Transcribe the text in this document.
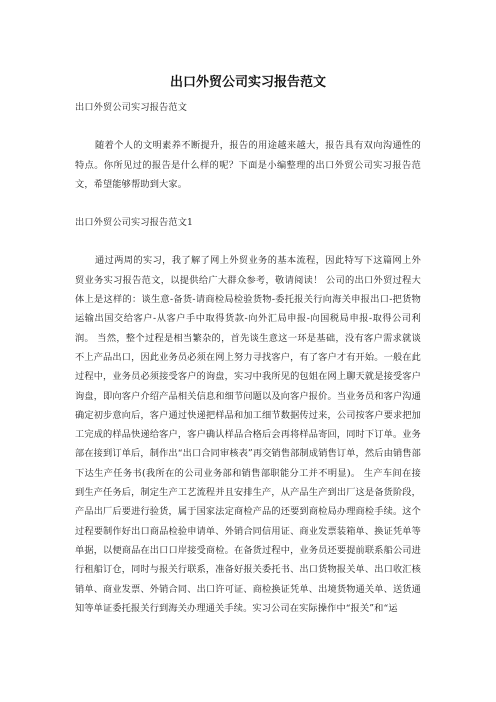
出口外贸公司实习报告范文

出口外贸公司实习报告范文

随着个人的文明素养不断提升，报告的用途越来越大，报告具有双向沟通性的特点。你所见过的报告是什么样的呢？下面是小编整理的出口外贸公司实习报告范文，希望能够帮助到大家。

出口外贸公司实习报告范文1

通过两周的实习，我了解了网上外贸业务的基本流程，因此特写下这篇网上外贸业务实习报告范文，以提供给广大群众参考，敬请阅读！ 公司的出口外贸过程大体上是这样的：谈生意-备货-请商检局检验货物-委托报关行向海关申报出口-把货物运输出国交给客户-从客户手中取得货款-向外汇局申报-向国税局申报-取得公司利润。 当然，整个过程是相当繁杂的，首先谈生意这一环是基础，没有客户需求就谈不上产品出口，因此业务员必须在网上努力寻找客户，有了客户才有开始。一般在此过程中，业务员必须接受客户的询盘，实习中我所见的包姐在网上聊天就是接受客户询盘，即向客户介绍产品相关信息和细节问题以及向客户报价。当业务员和客户沟通确定初步意向后，客户通过快递把样品和加工细节数据传过来，公司按客户要求把加工完成的样品快递给客户，客户确认样品合格后会再将样品寄回，同时下订单。业务部在接到订单后，制作出“出口合同审核表”再交销售部制成销售订单，然后由销售部下达生产任务书(我所在的公司业务部和销售部职能分工并不明显)。 生产车间在接到生产任务后，制定生产工艺流程并且安排生产，从产品生产到出厂这是备货阶段，产品出厂后要进行验货，属于国家法定商检产品的还要到商检局办理商检手续。这个过程要制作好出口商品检验申请单、外销合同信用证、商业发票装箱单、换证凭单等单据，以便商品在出口口岸接受商检。在备货过程中，业务员还要提前联系船公司进行租船订仓，同时与报关行联系，准备好报关委托书、出口货物报关单、出口收汇核销单、商业发票、外销合同、出口许可证、商检换证凭单、出境货物通关单、送货通知等单证委托报关行到海关办理通关手续。实习公司在实际操作中“报关”和“运
